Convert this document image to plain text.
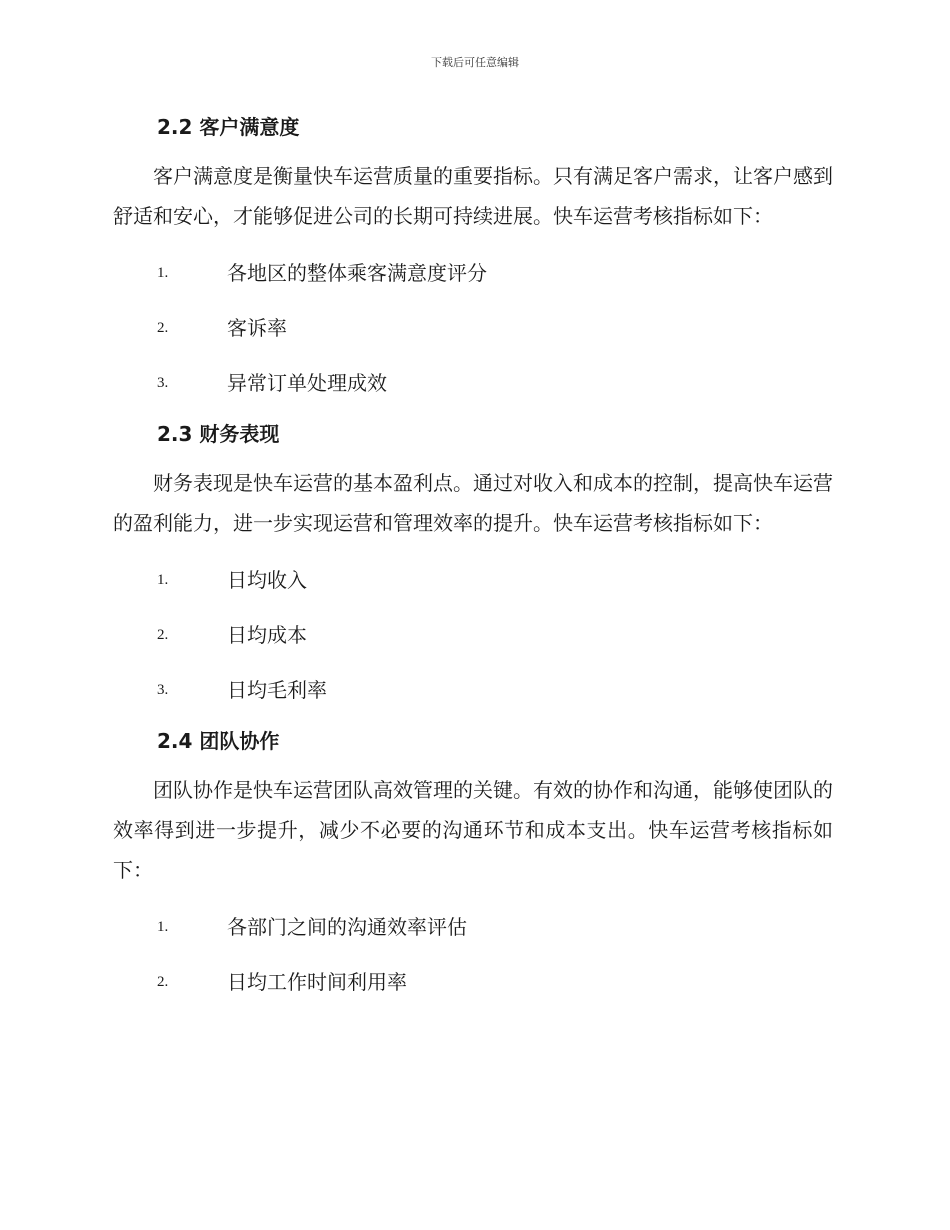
下载后可任意编辑
2.2 客户满意度

客户满意度是衡量快车运营质量的重要指标。只有满足客户需求，让客户感到舒适和安心，才能够促进公司的长期可持续进展。快车运营考核指标如下：

1.	各地区的整体乘客满意度评分
2.	客诉率
3.	异常订单处理成效
2.3 财务表现

财务表现是快车运营的基本盈利点。通过对收入和成本的控制，提高快车运营的盈利能力，进一步实现运营和管理效率的提升。快车运营考核指标如下：

1.	日均收入
2.	日均成本
3.	日均毛利率
2.4 团队协作

团队协作是快车运营团队高效管理的关键。有效的协作和沟通，能够使团队的效率得到进一步提升，减少不必要的沟通环节和成本支出。快车运营考核指标如下：

1.	各部门之间的沟通效率评估
2.	日均工作时间利用率
